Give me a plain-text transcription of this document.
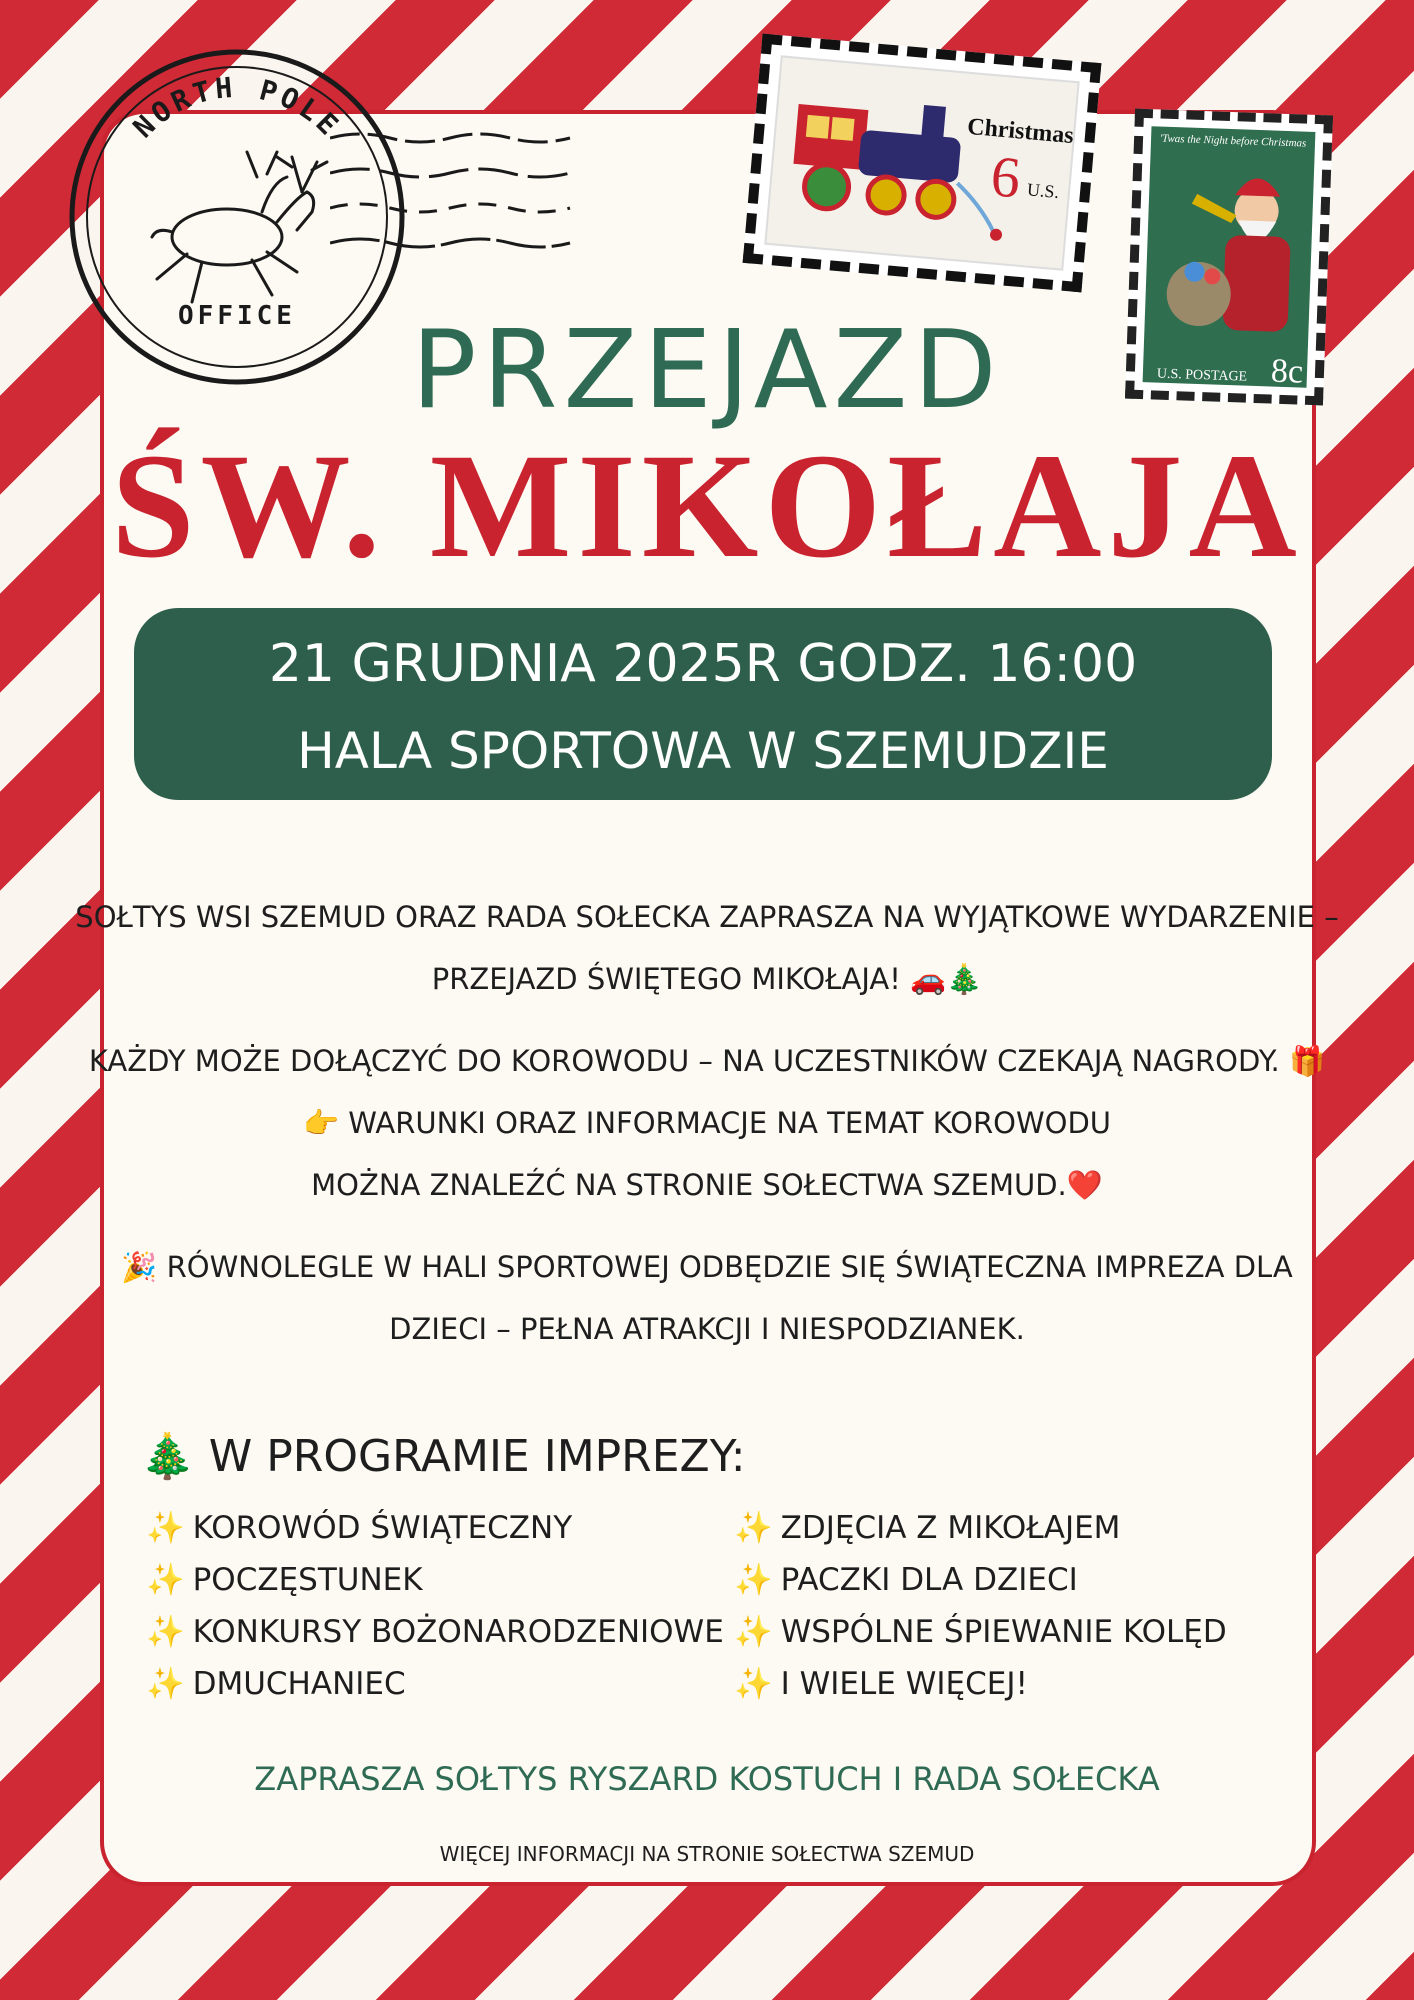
NORTH POLE
OFFICE
Christmas
6 U.S.
'Twas the Night before Christmas
U.S. POSTAGE 8c
PRZEJAZD
ŚW. MIKOŁAJA
21 GRUDNIA 2025R GODZ. 16:00
HALA SPORTOWA W SZEMUDZIE
SOŁTYS WSI SZEMUD ORAZ RADA SOŁECKA ZAPRASZA NA WYJĄTKOWE WYDARZENIE –
PRZEJAZD ŚWIĘTEGO MIKOŁAJA! 🚗🎄
KAŻDY MOŻE DOŁĄCZYĆ DO KOROWODU – NA UCZESTNIKÓW CZEKAJĄ NAGRODY. 🎁
👉 WARUNKI ORAZ INFORMACJE NA TEMAT KOROWODU
MOŻNA ZNALEŹĆ NA STRONIE SOŁECTWA SZEMUD.❤️
🎉 RÓWNOLEGLE W HALI SPORTOWEJ ODBĘDZIE SIĘ ŚWIĄTECZNA IMPREZA DLA
DZIECI – PEŁNA ATRAKCJI I NIESPODZIANEK.
🎄 W PROGRAMIE IMPREZY:
✨ KOROWÓD ŚWIĄTECZNY
✨ POCZĘSTUNEK
✨ KONKURSY BOŻONARODZENIOWE
✨ DMUCHANIEC
✨ ZDJĘCIA Z MIKOŁAJEM
✨ PACZKI DLA DZIECI
✨ WSPÓLNE ŚPIEWANIE KOLĘD
✨ I WIELE WIĘCEJ!
ZAPRASZA SOŁTYS RYSZARD KOSTUCH I RADA SOŁECKA
WIĘCEJ INFORMACJI NA STRONIE SOŁECTWA SZEMUD
